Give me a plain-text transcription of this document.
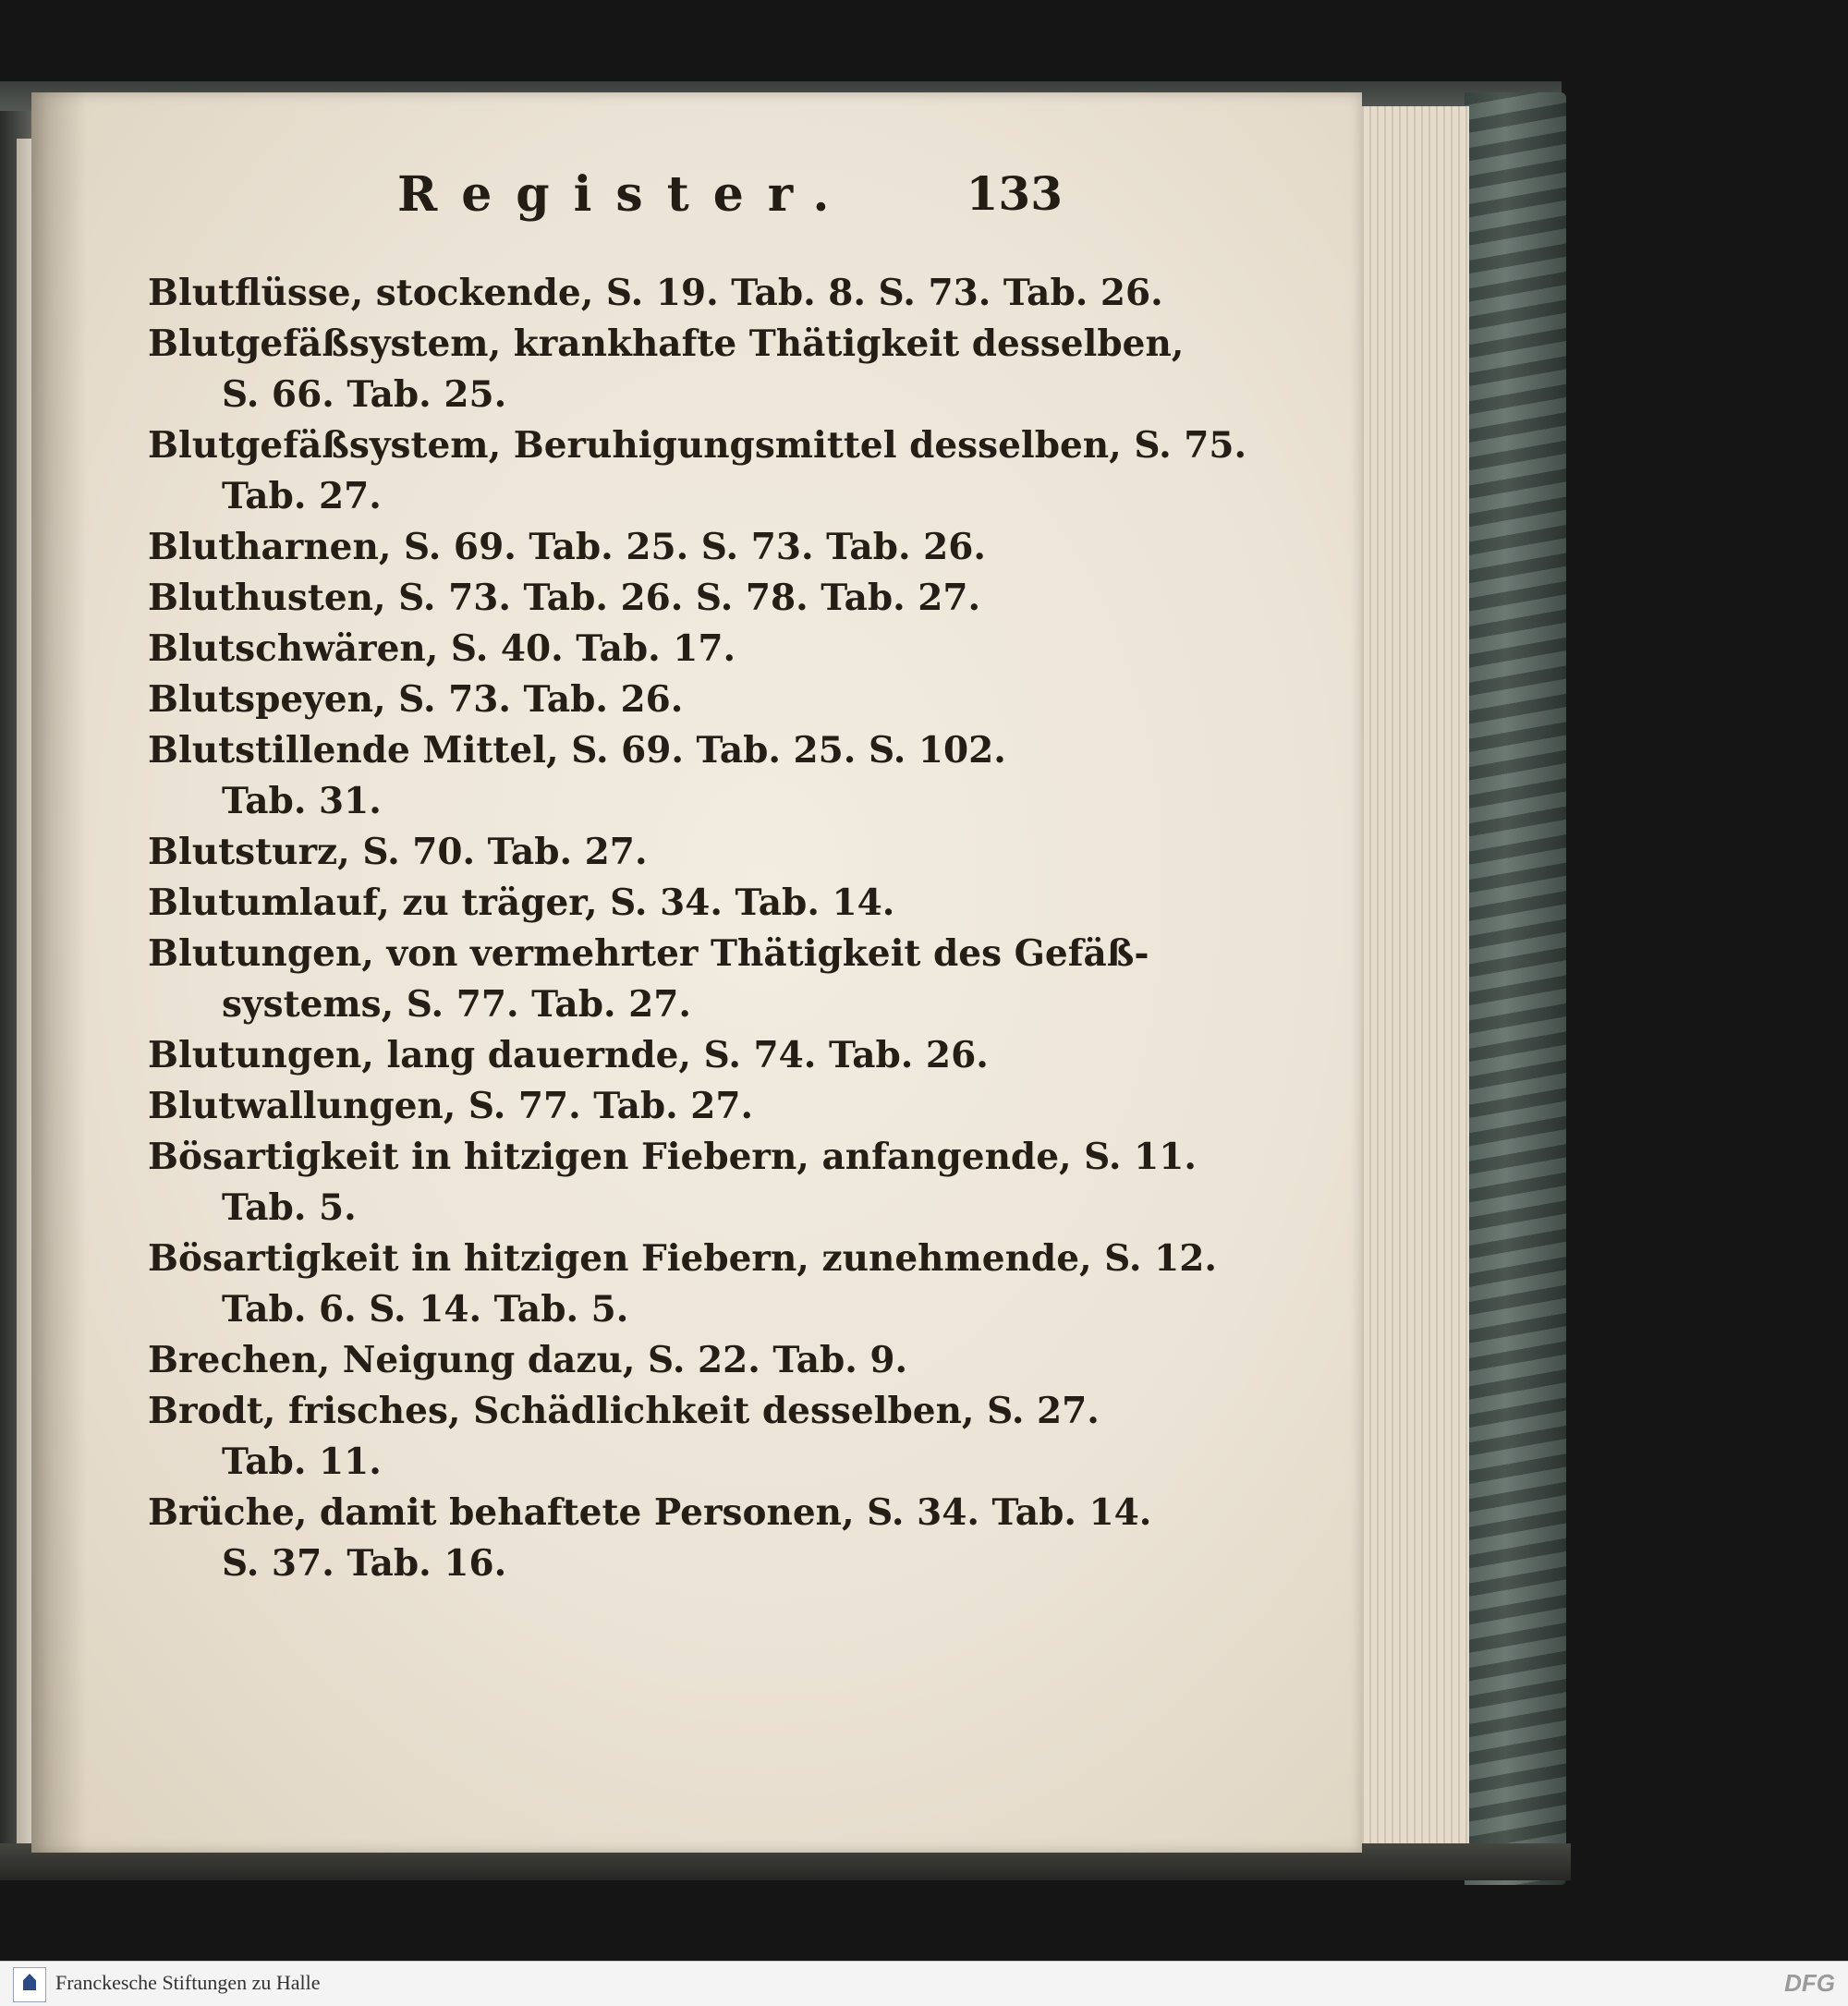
Register. 133
Blutflüsse, stockende, S. 19. Tab. 8. S. 73. Tab. 26.
Blutgefäßsystem, krankhafte Thätigkeit desselben,
S. 66. Tab. 25.
Blutgefäßsystem, Beruhigungsmittel desselben, S. 75.
Tab. 27.
Blutharnen, S. 69. Tab. 25. S. 73. Tab. 26.
Bluthusten, S. 73. Tab. 26. S. 78. Tab. 27.
Blutschwären, S. 40. Tab. 17.
Blutspeyen, S. 73. Tab. 26.
Blutstillende Mittel, S. 69. Tab. 25. S. 102.
Tab. 31.
Blutsturz, S. 70. Tab. 27.
Blutumlauf, zu träger, S. 34. Tab. 14.
Blutungen, von vermehrter Thätigkeit des Gefäß-
systems, S. 77. Tab. 27.
Blutungen, lang dauernde, S. 74. Tab. 26.
Blutwallungen, S. 77. Tab. 27.
Bösartigkeit in hitzigen Fiebern, anfangende, S. 11.
Tab. 5.
Bösartigkeit in hitzigen Fiebern, zunehmende, S. 12.
Tab. 6. S. 14. Tab. 5.
Brechen, Neigung dazu, S. 22. Tab. 9.
Brodt, frisches, Schädlichkeit desselben, S. 27.
Tab. 11.
Brüche, damit behaftete Personen, S. 34. Tab. 14.
S. 37. Tab. 16.
Franckesche Stiftungen zu Halle	DFG
